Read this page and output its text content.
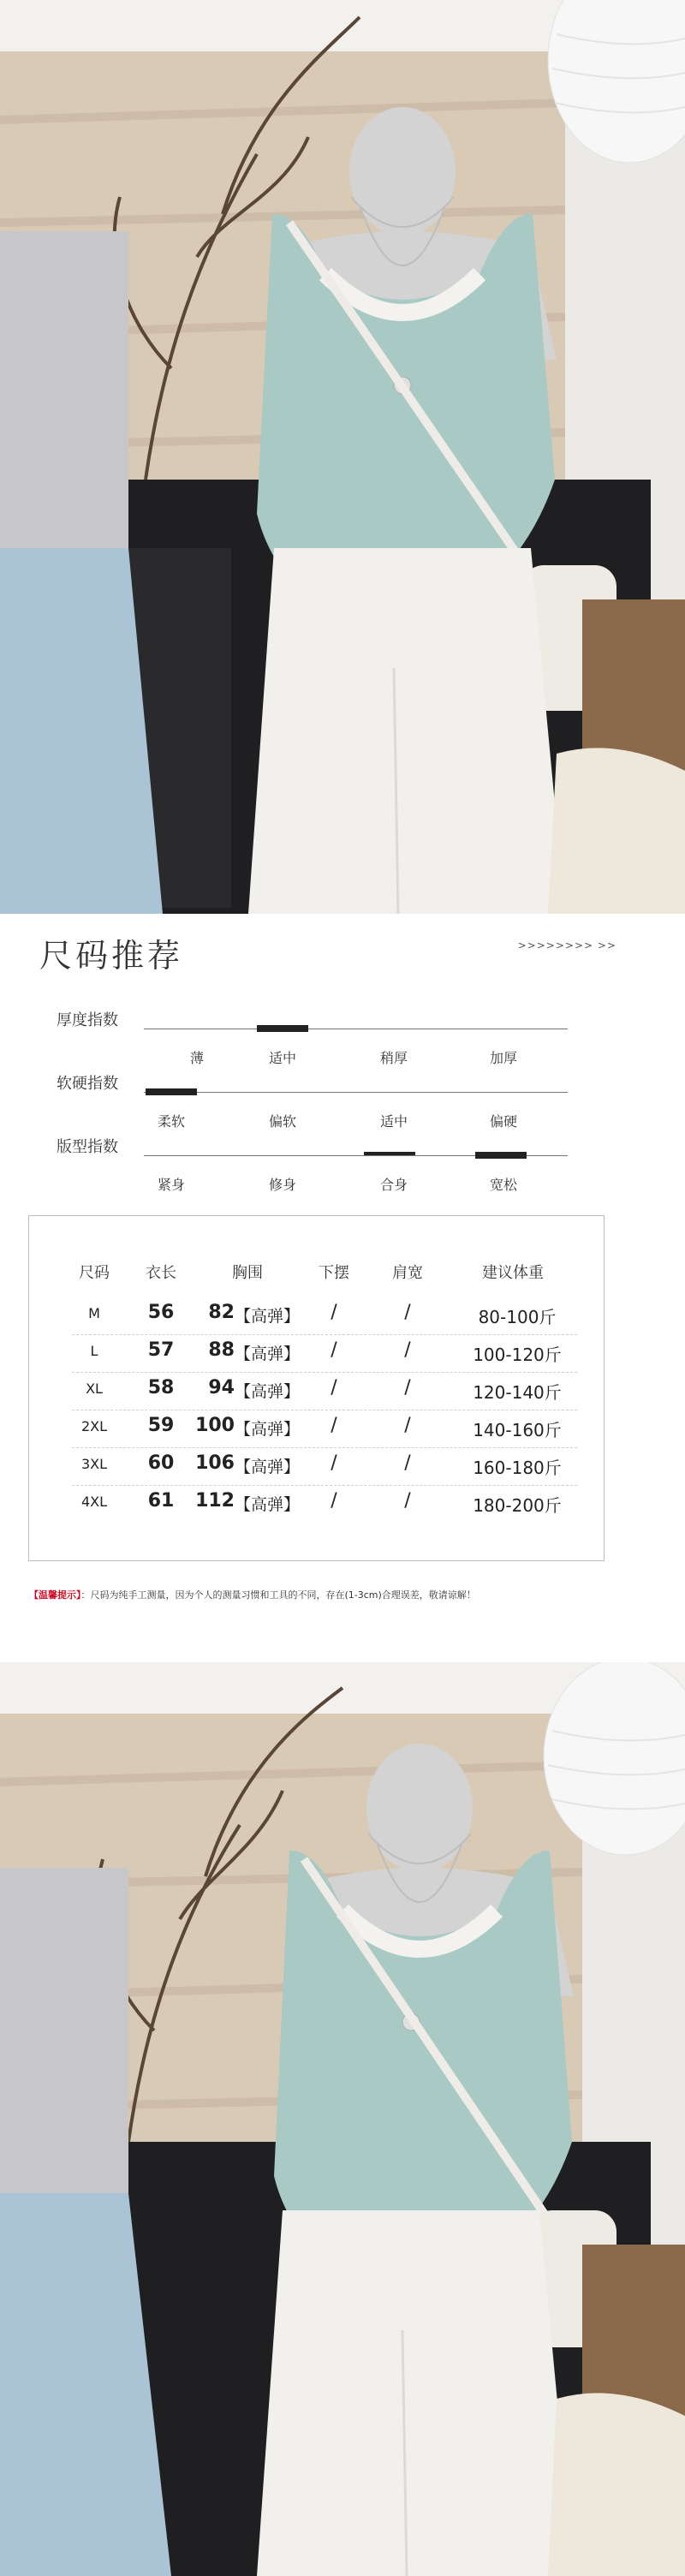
尺码推荐	>>>>>>>> >>
厚度指数
薄	适中	稍厚	加厚
软硬指数
柔软	偏软	适中	偏硬
版型指数
紧身	修身	合身	宽松
尺码	衣长	胸围	下摆	肩宽	建议体重
M	56	82 【高弹】	/	/	80-100斤
L	57	88 【高弹】	/	/	100-120斤
XL	58	94 【高弹】	/	/	120-140斤
2XL	59	100 【高弹】	/	/	140-160斤
3XL	60	106 【高弹】	/	/	160-180斤
4XL	61	112 【高弹】	/	/	180-200斤
【温馨提示】：尺码为纯手工测量，因为个人的测量习惯和工具的不同，存在(1-3cm)合理误差，敬请谅解！
